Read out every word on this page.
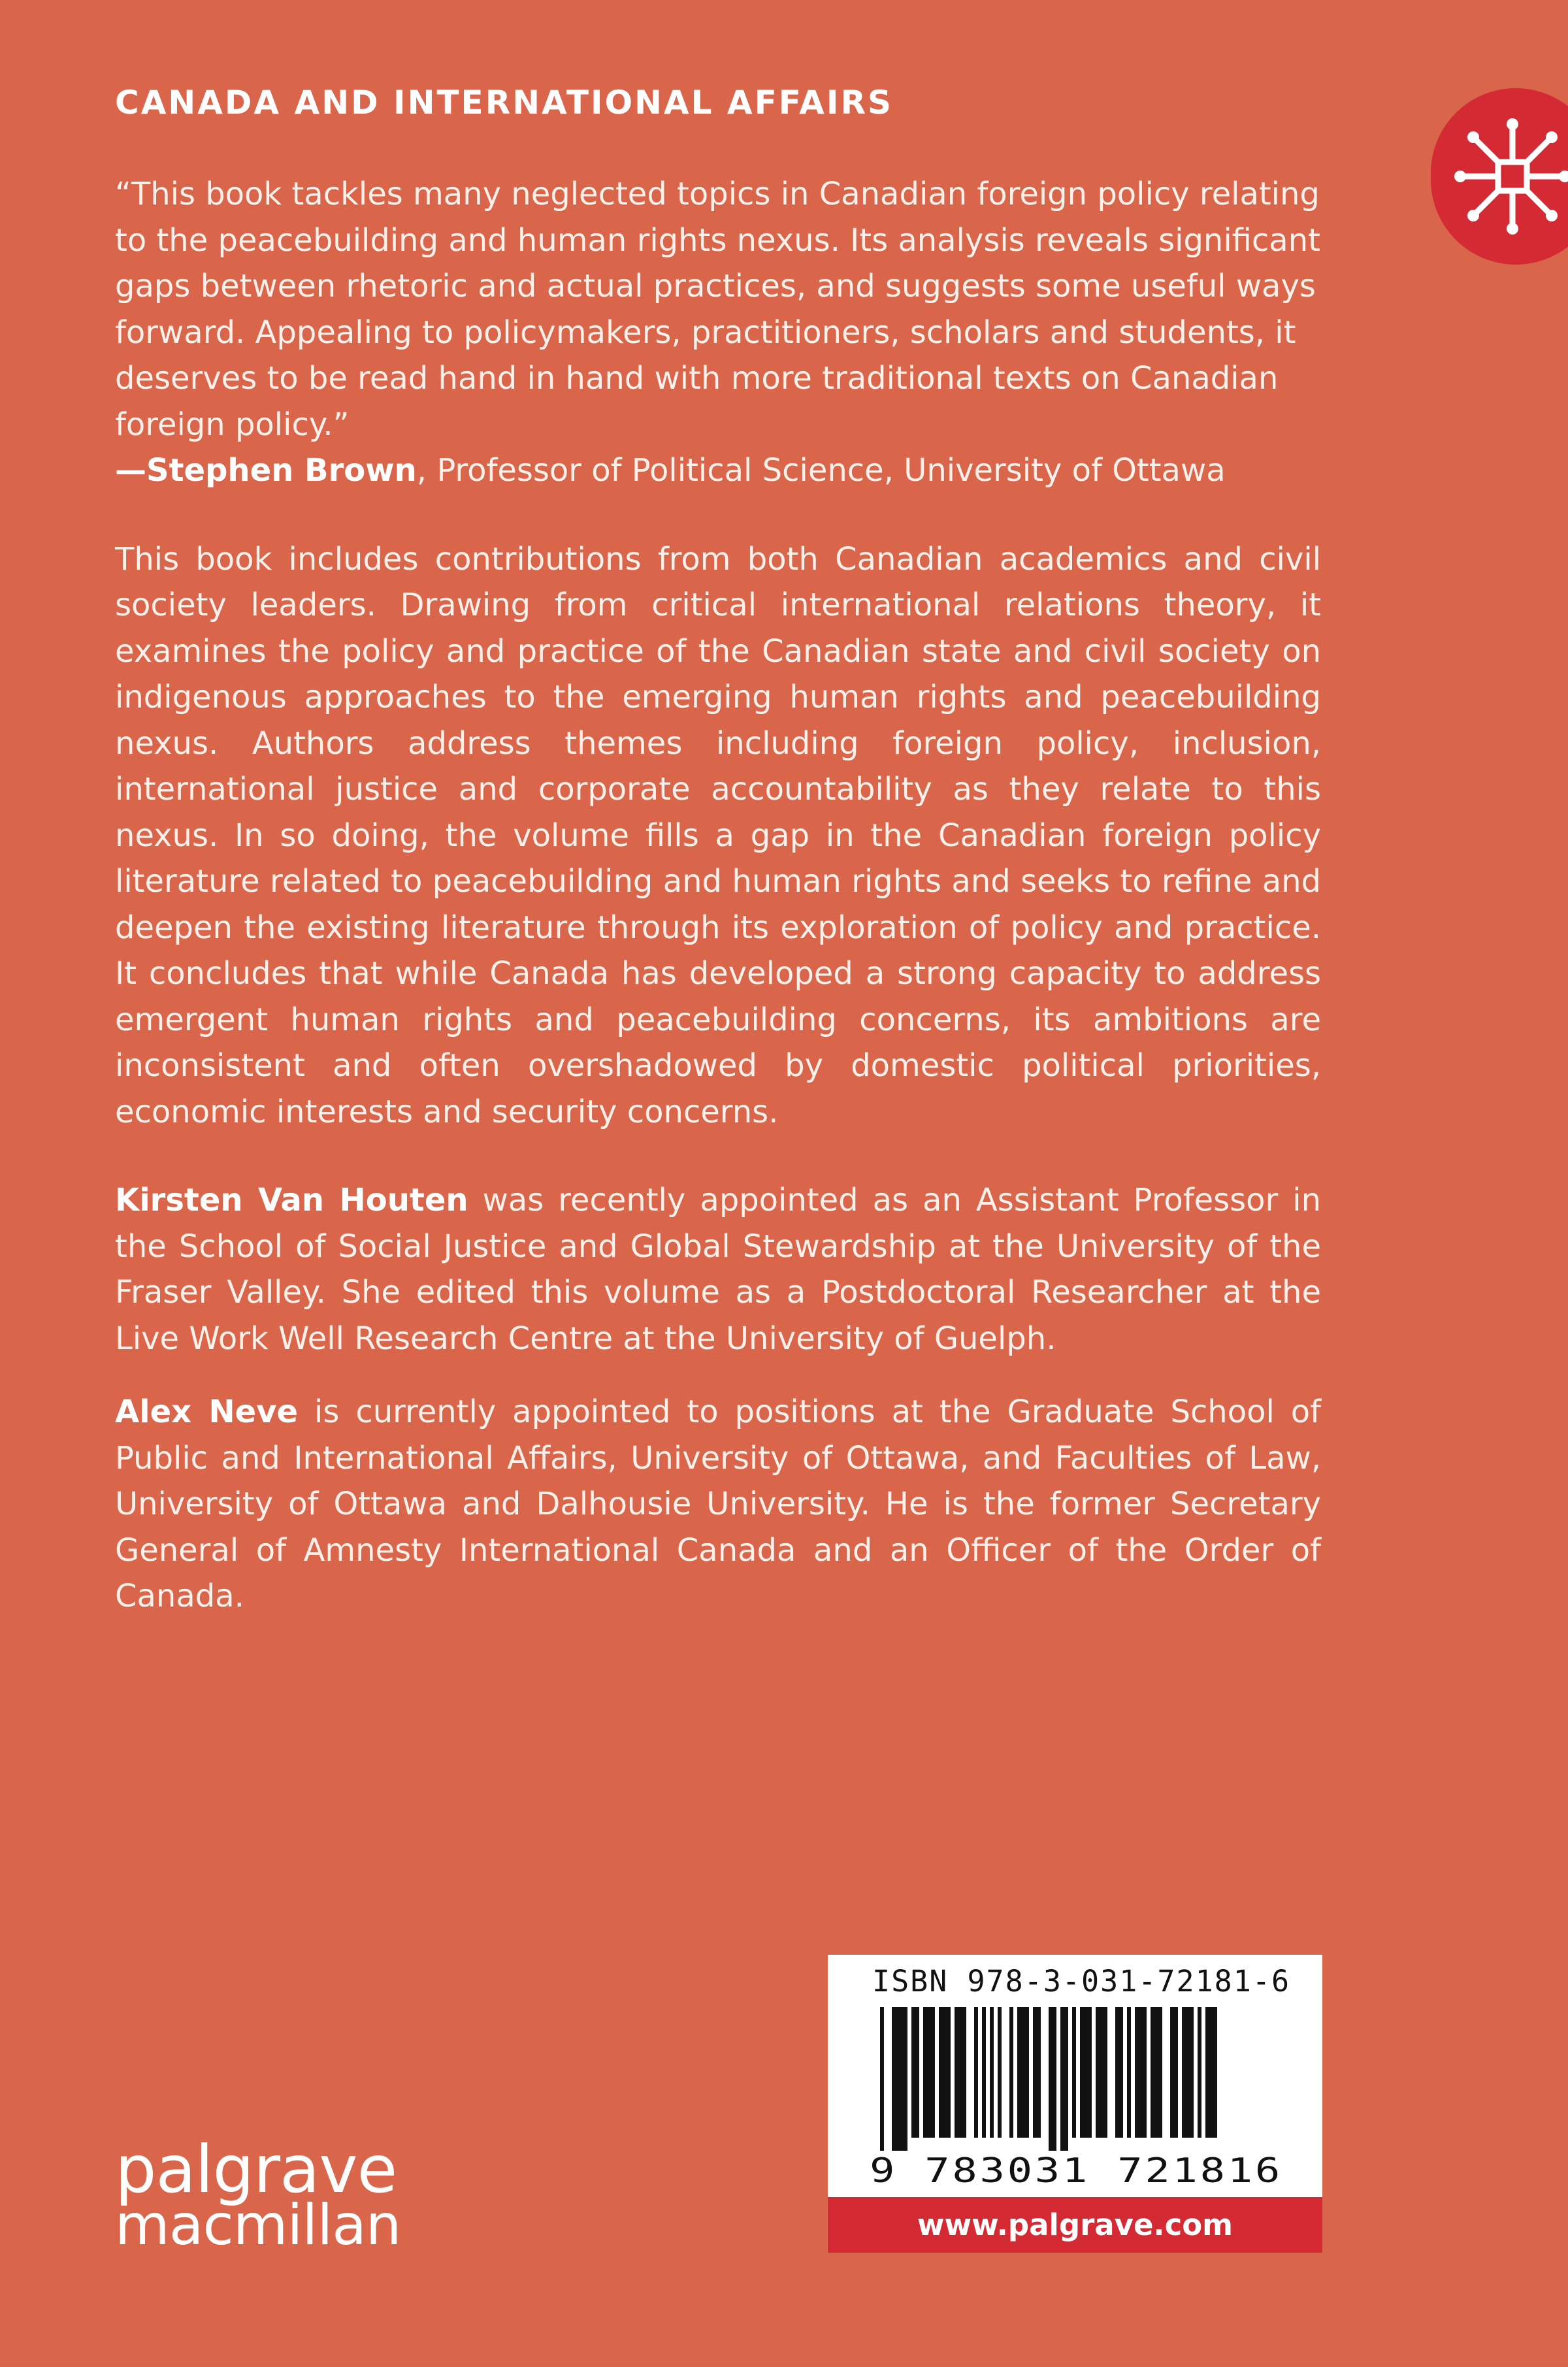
CANADA AND INTERNATIONAL AFFAIRS

“This book tackles many neglected topics in Canadian foreign policy relating to the peacebuilding and human rights nexus. Its analysis reveals significant gaps between rhetoric and actual practices, and suggests some useful ways forward. Appealing to policymakers, practitioners, scholars and students, it deserves to be read hand in hand with more traditional texts on Canadian foreign policy.”

—Stephen Brown, Professor of Political Science, University of Ottawa

This book includes contributions from both Canadian academics and civil society leaders. Drawing from critical international relations theory, it examines the policy and practice of the Canadian state and civil society on indigenous approaches to the emerging human rights and peacebuilding nexus. Authors address themes including foreign policy, inclusion, international justice and corporate accountability as they relate to this nexus. In so doing, the volume fills a gap in the Canadian foreign policy literature related to peacebuilding and human rights and seeks to refine and deepen the existing literature through its exploration of policy and practice. It concludes that while Canada has developed a strong capacity to address emergent human rights and peacebuilding concerns, its ambitions are inconsistent and often overshadowed by domestic political priorities, economic interests and security concerns.

Kirsten Van Houten was recently appointed as an Assistant Professor in the School of Social Justice and Global Stewardship at the University of the Fraser Valley. She edited this volume as a Postdoctoral Researcher at the Live Work Well Research Centre at the University of Guelph.

Alex Neve is currently appointed to positions at the Graduate School of Public and International Affairs, University of Ottawa, and Faculties of Law, University of Ottawa and Dalhousie University. He is the former Secretary General of Amnesty International Canada and an Officer of the Order of Canada.

ISBN 978-3-031-72181-6
9 783031 721816
www.palgrave.com
palgrave
macmillan
